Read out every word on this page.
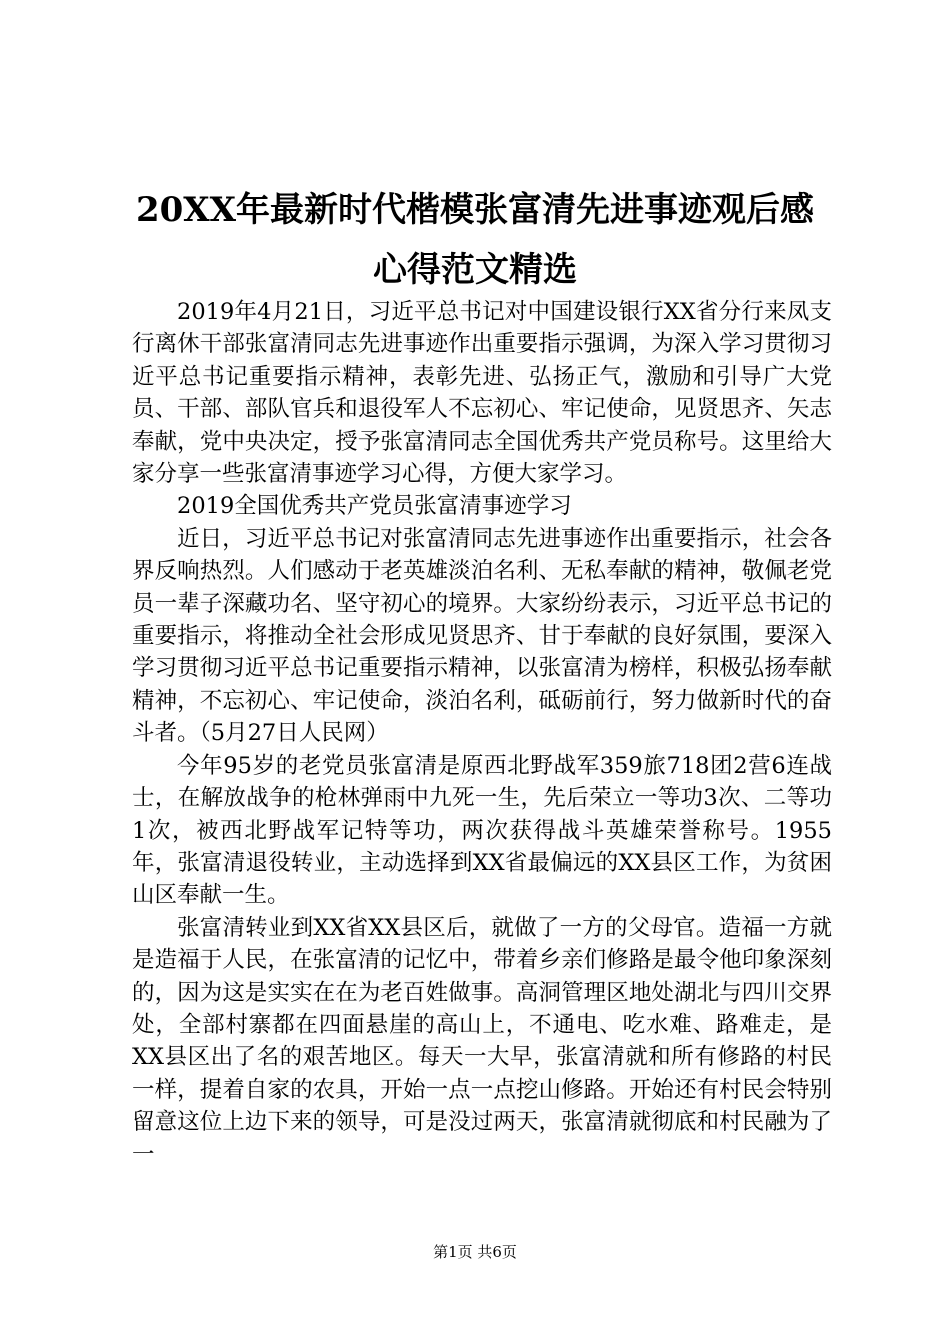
20XX年最新时代楷模张富清先进事迹观后感
心得范文精选

2019年4月21日，习近平总书记对中国建设银行XX省分行来凤支行离休干部张富清同志先进事迹作出重要指示强调，为深入学习贯彻习近平总书记重要指示精神，表彰先进、弘扬正气，激励和引导广大党员、干部、部队官兵和退役军人不忘初心、牢记使命，见贤思齐、矢志奉献，党中央决定，授予张富清同志全国优秀共产党员称号。这里给大家分享一些张富清事迹学习心得，方便大家学习。

2019全国优秀共产党员张富清事迹学习

近日，习近平总书记对张富清同志先进事迹作出重要指示，社会各界反响热烈。人们感动于老英雄淡泊名利、无私奉献的精神，敬佩老党员一辈子深藏功名、坚守初心的境界。大家纷纷表示，习近平总书记的重要指示，将推动全社会形成见贤思齐、甘于奉献的良好氛围，要深入学习贯彻习近平总书记重要指示精神，以张富清为榜样，积极弘扬奉献精神，不忘初心、牢记使命，淡泊名利，砥砺前行，努力做新时代的奋斗者。（5月27日人民网）

今年95岁的老党员张富清是原西北野战军359旅718团2营6连战士，在解放战争的枪林弹雨中九死一生，先后荣立一等功3次、二等功1次，被西北野战军记特等功，两次获得战斗英雄荣誉称号。1955年，张富清退役转业，主动选择到XX省最偏远的XX县区工作，为贫困山区奉献一生。

张富清转业到XX省XX县区后，就做了一方的父母官。造福一方就是造福于人民，在张富清的记忆中，带着乡亲们修路是最令他印象深刻的，因为这是实实在在为老百姓做事。高洞管理区地处湖北与四川交界处，全部村寨都在四面悬崖的高山上，不通电、吃水难、路难走，是XX县区出了名的艰苦地区。每天一大早，张富清就和所有修路的村民一样，提着自家的农具，开始一点一点挖山修路。开始还有村民会特别留意这位上边下来的领导，可是没过两天，张富清就彻底和村民融为了一

第1页 共6页
